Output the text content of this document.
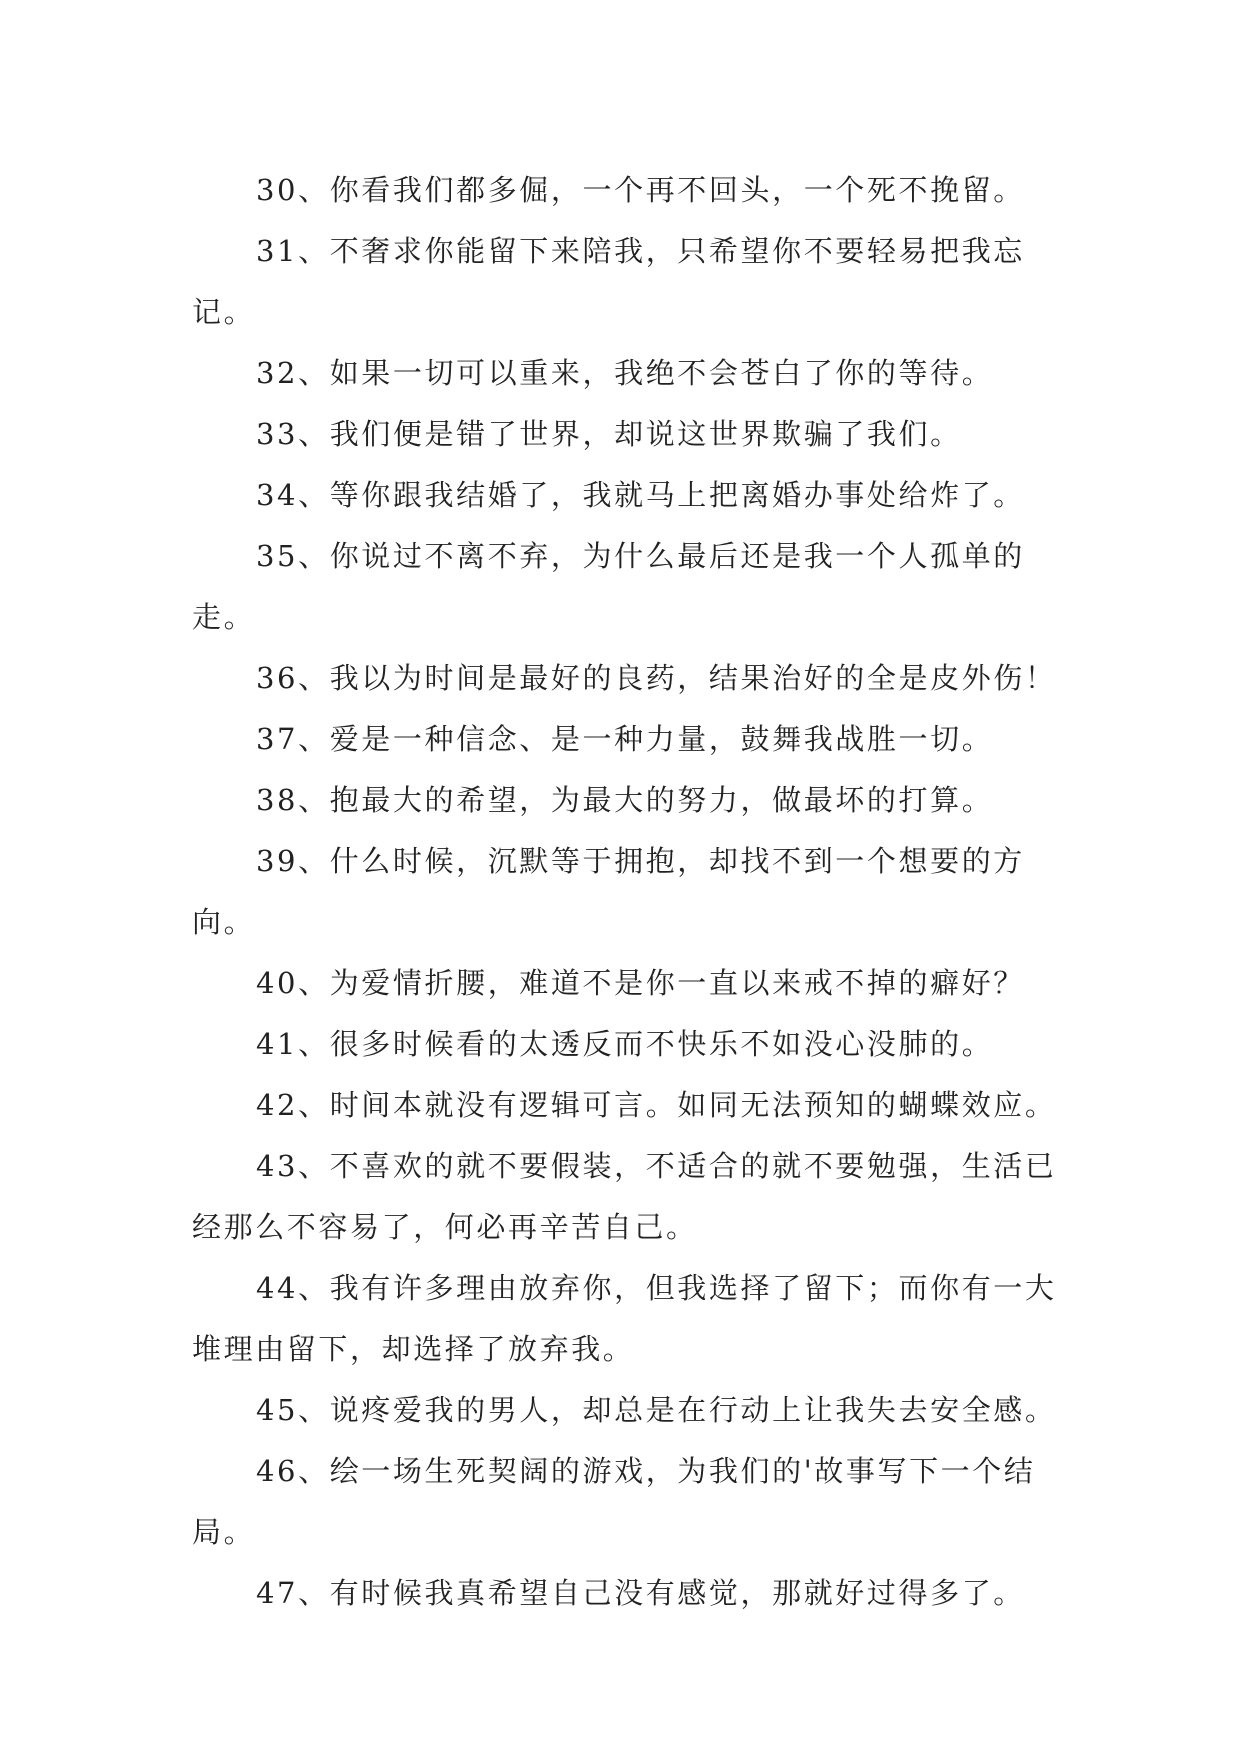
30、你看我们都多倔，一个再不回头，一个死不挽留。

31、不奢求你能留下来陪我，只希望你不要轻易把我忘记。

32、如果一切可以重来，我绝不会苍白了你的等待。

33、我们便是错了世界，却说这世界欺骗了我们。

34、等你跟我结婚了，我就马上把离婚办事处给炸了。

35、你说过不离不弃，为什么最后还是我一个人孤单的走。

36、我以为时间是最好的良药，结果治好的全是皮外伤！

37、爱是一种信念、是一种力量，鼓舞我战胜一切。

38、抱最大的希望，为最大的努力，做最坏的打算。

39、什么时候，沉默等于拥抱，却找不到一个想要的方向。

40、为爱情折腰，难道不是你一直以来戒不掉的癖好？

41、很多时候看的太透反而不快乐不如没心没肺的。

42、时间本就没有逻辑可言。如同无法预知的蝴蝶效应。

43、不喜欢的就不要假装，不适合的就不要勉强，生活已经那么不容易了，何必再辛苦自己。

44、我有许多理由放弃你，但我选择了留下；而你有一大堆理由留下，却选择了放弃我。

45、说疼爱我的男人，却总是在行动上让我失去安全感。

46、绘一场生死契阔的游戏，为我们的'故事写下一个结局。

47、有时候我真希望自己没有感觉，那就好过得多了。
